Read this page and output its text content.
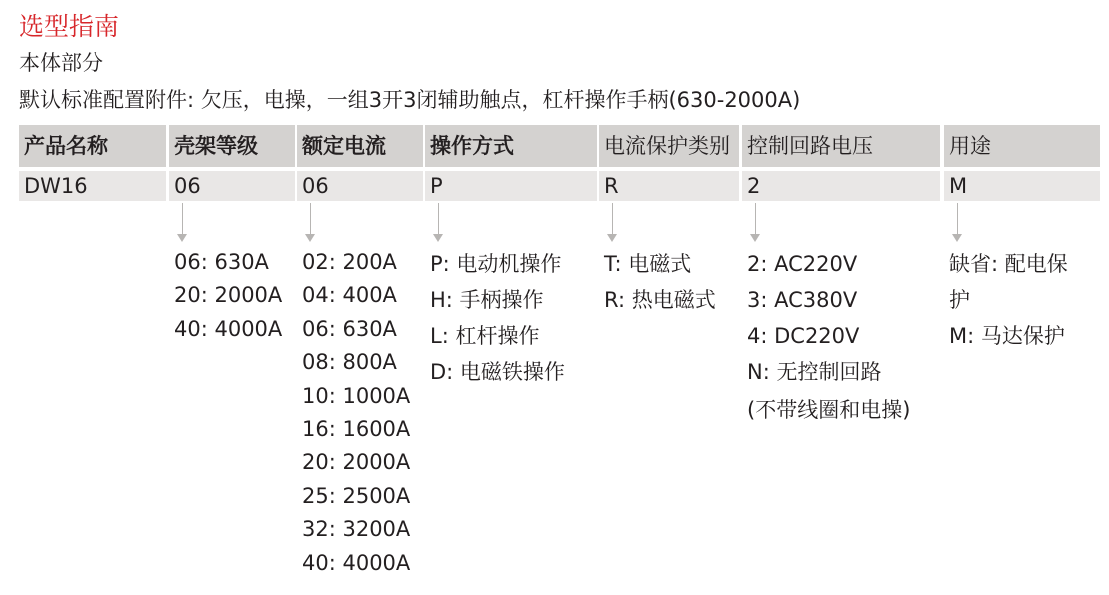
选型指南
本体部分
默认标准配置附件: 欠压，电操，一组3开3闭辅助触点，杠杆操作手柄(630-2000A)
产品名称
DW16
壳架等级
06
06: 630A
20: 2000A
40: 4000A
额定电流
06
02: 200A
04: 400A
06: 630A
08: 800A
10: 1000A
16: 1600A
20: 2000A
25: 2500A
32: 3200A
40: 4000A
操作方式
P
P: 电动机操作
H: 手柄操作
L: 杠杆操作
D: 电磁铁操作
电流保护类别
R
T: 电磁式
R: 热电磁式
控制回路电压
2
2: AC220V
3: AC380V
4: DC220V
N: 无控制回路
(不带线圈和电操)
用途
M
缺省: 配电保护
M: 马达保护
